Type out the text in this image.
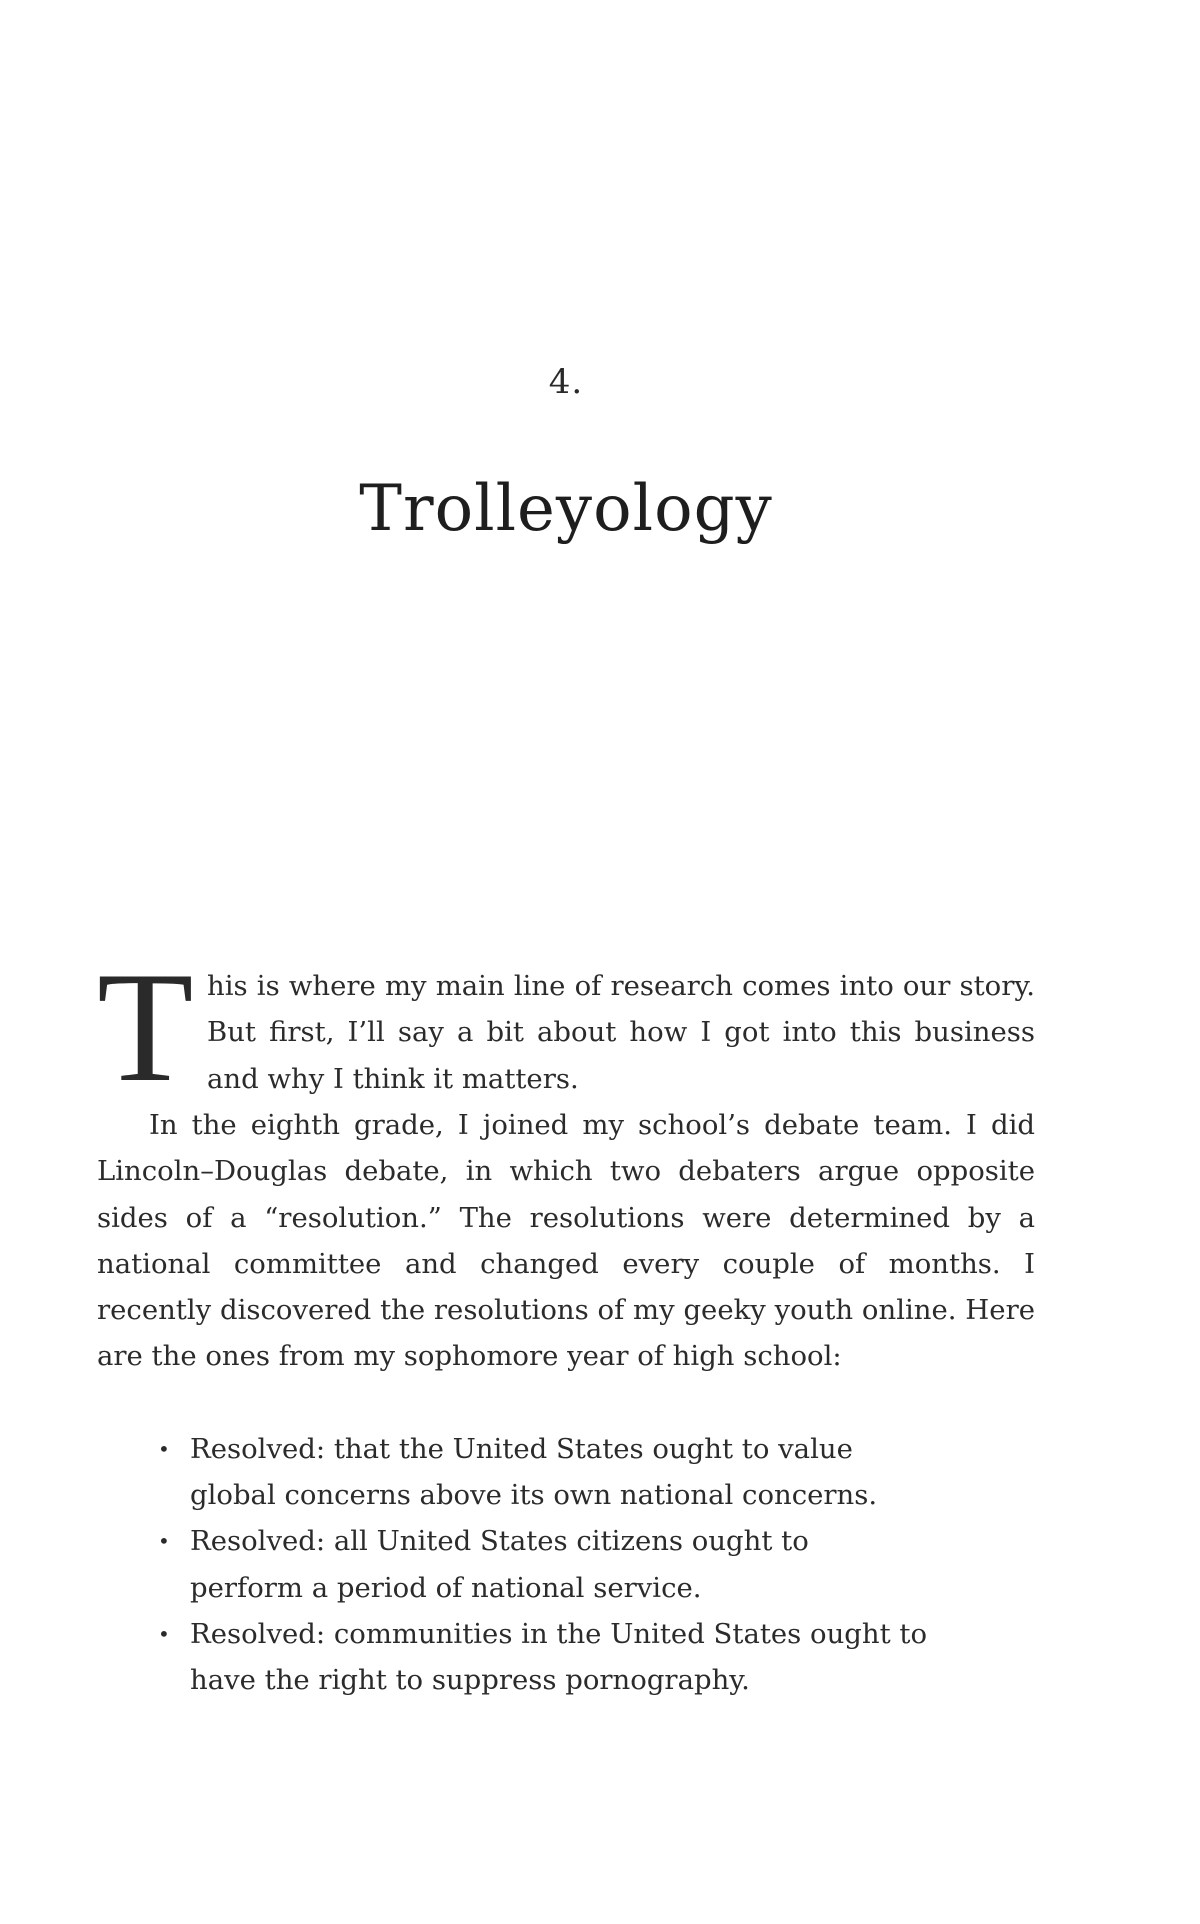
4.
Trolleyology

T his is where my main line of research comes into our story. But first, I’ll say a bit about how I got into this business and why I think it matters.

In the eighth grade, I joined my school’s debate team. I did Lincoln–Douglas debate, in which two debaters argue opposite sides of a “resolution.” The resolutions were determined by a national committee and changed every couple of months. I recently discovered the resolutions of my geeky youth online. Here are the ones from my sophomore year of high school:

• Resolved: that the United States ought to value global concerns above its own national concerns.
• Resolved: all United States citizens ought to perform a period of national service.
• Resolved: communities in the United States ought to have the right to suppress pornography.
